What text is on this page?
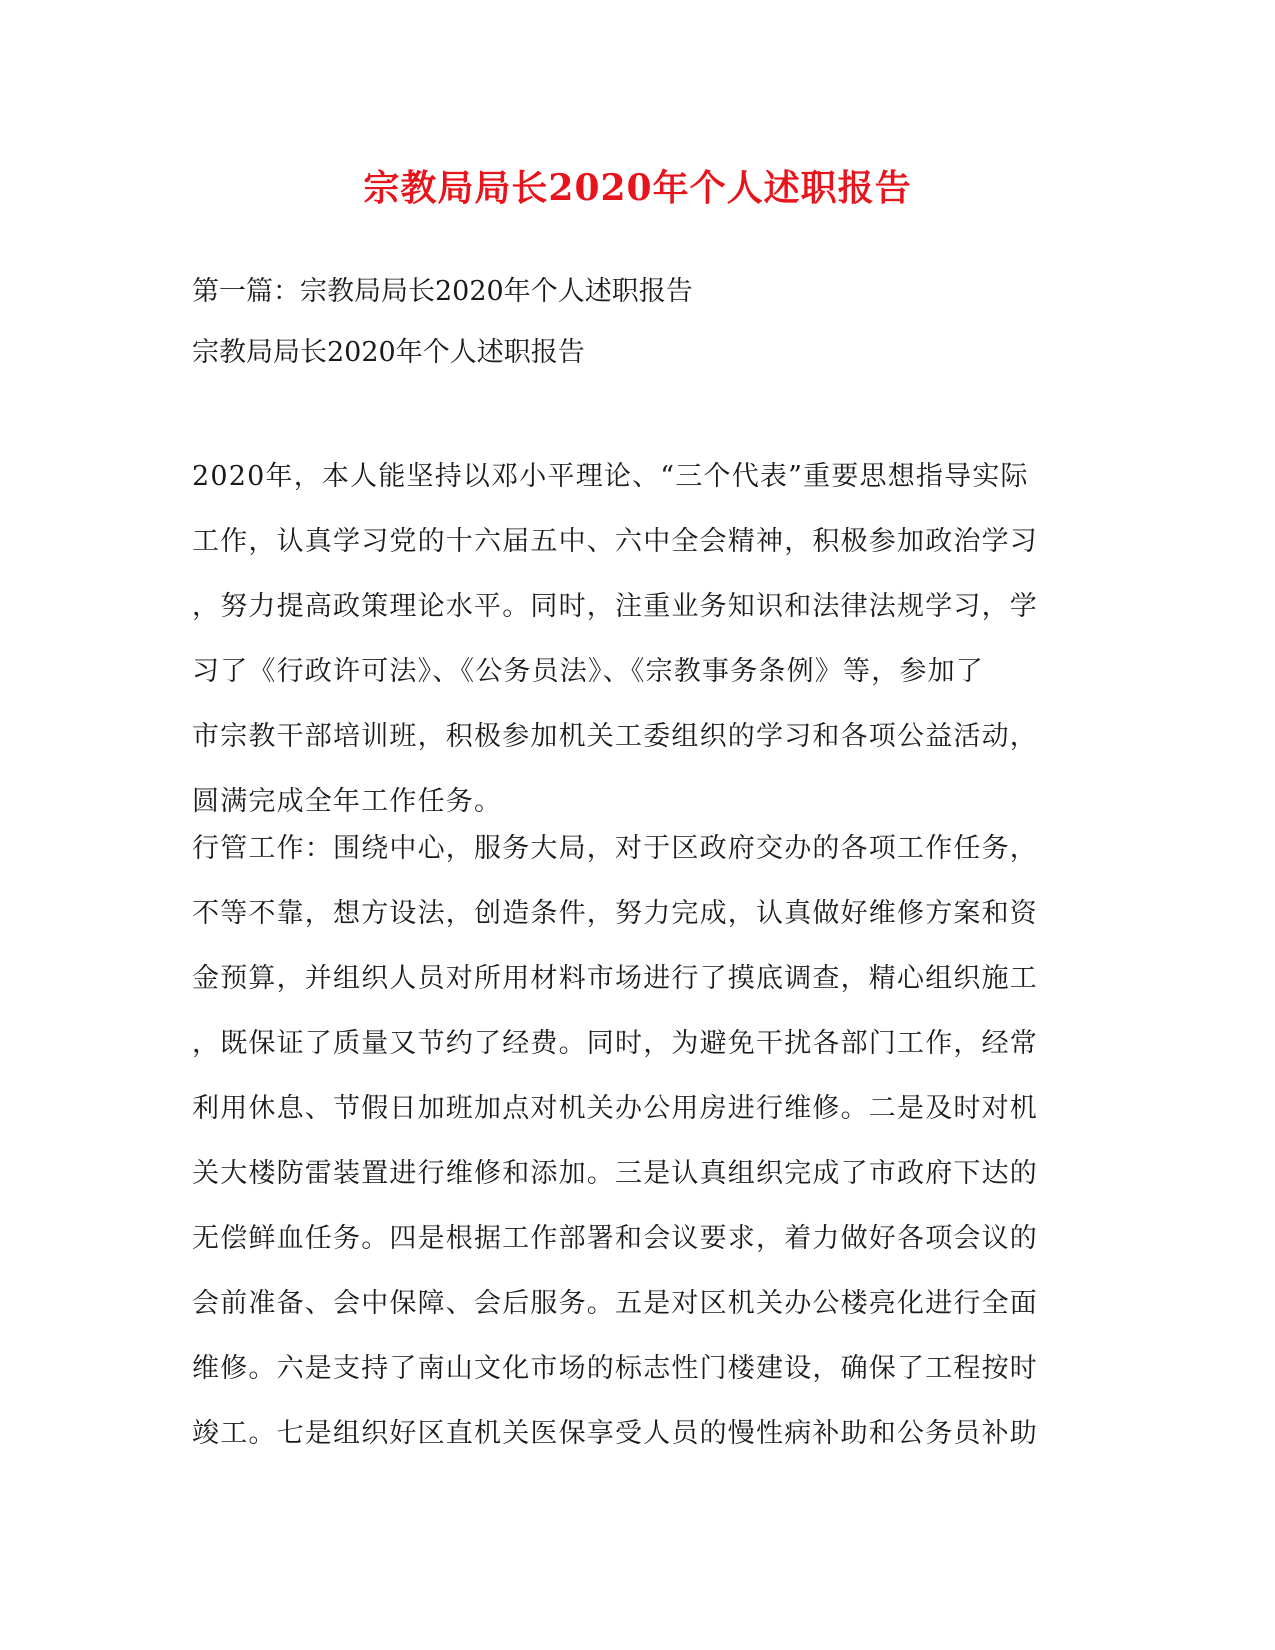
宗教局局长2020年个人述职报告

第一篇：宗教局局长2020年个人述职报告

宗教局局长2020年个人述职报告

2020年，本人能坚持以邓小平理论、“三个代表”重要思想指导实际
工作，认真学习党的十六届五中、六中全会精神，积极参加政治学习
，努力提高政策理论水平。同时，注重业务知识和法律法规学习，学
习了《行政许可法》、《公务员法》、《宗教事务条例》等，参加了
市宗教干部培训班，积极参加机关工委组织的学习和各项公益活动，
圆满完成全年工作任务。
行管工作：围绕中心，服务大局，对于区政府交办的各项工作任务，
不等不靠，想方设法，创造条件，努力完成，认真做好维修方案和资
金预算，并组织人员对所用材料市场进行了摸底调查，精心组织施工
，既保证了质量又节约了经费。同时，为避免干扰各部门工作，经常
利用休息、节假日加班加点对机关办公用房进行维修。二是及时对机
关大楼防雷装置进行维修和添加。三是认真组织完成了市政府下达的
无偿鲜血任务。四是根据工作部署和会议要求，着力做好各项会议的
会前准备、会中保障、会后服务。五是对区机关办公楼亮化进行全面
维修。六是支持了南山文化市场的标志性门楼建设，确保了工程按时
竣工。七是组织好区直机关医保享受人员的慢性病补助和公务员补助
